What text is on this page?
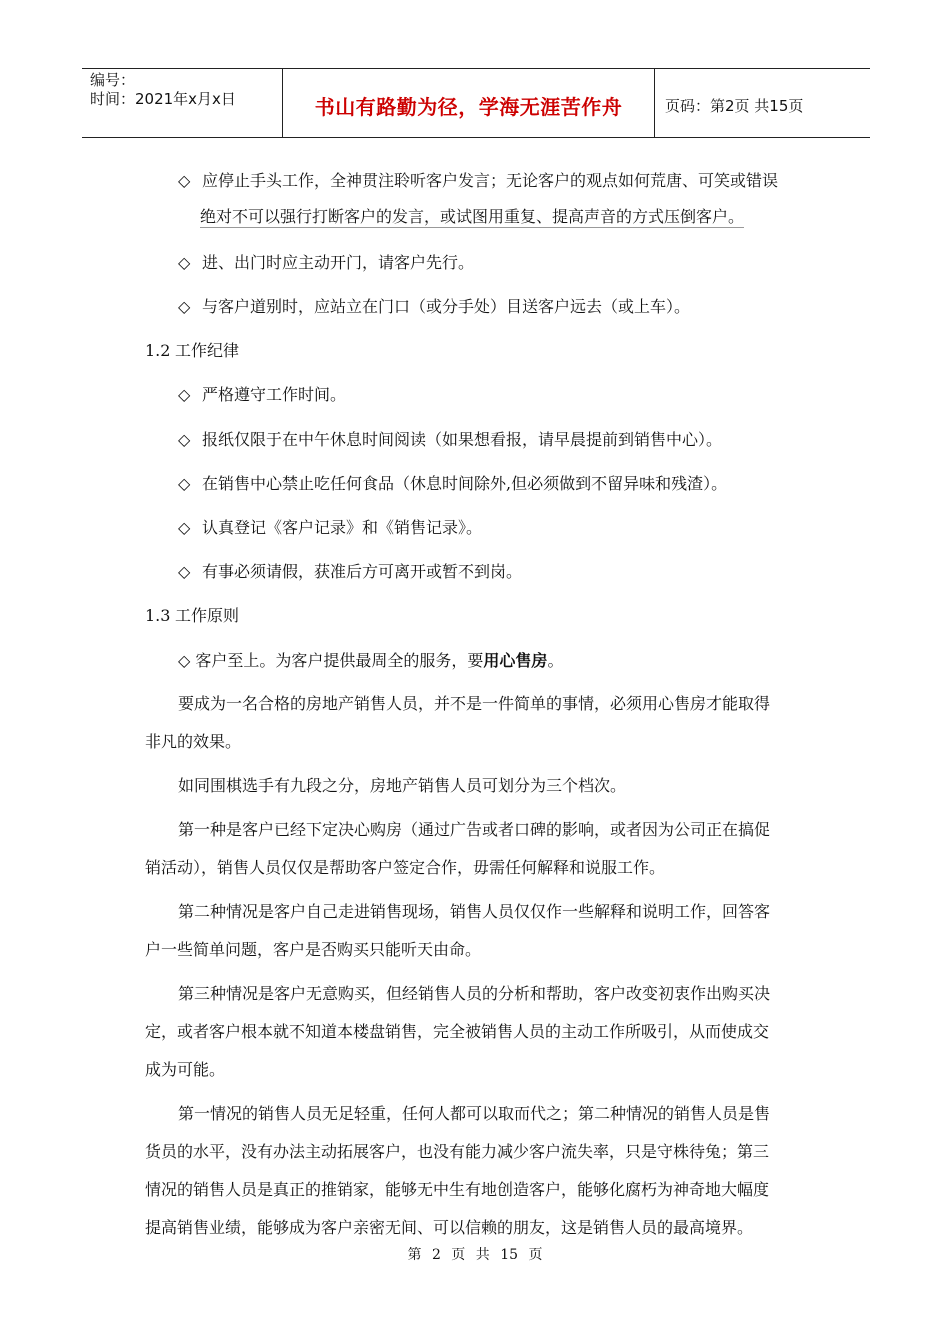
编号：
时间：2021年x月x日	书山有路勤为径，学海无涯苦作舟	页码：第2页 共15页
◇ 应停止手头工作，全神贯注聆听客户发言；无论客户的观点如何荒唐、可笑或错误
绝对不可以强行打断客户的发言，或试图用重复、提高声音的方式压倒客户。
◇ 进、出门时应主动开门，请客户先行。
◇ 与客户道别时，应站立在门口（或分手处）目送客户远去（或上车）。
1.2 工作纪律
◇ 严格遵守工作时间。
◇ 报纸仅限于在中午休息时间阅读（如果想看报，请早晨提前到销售中心）。
◇ 在销售中心禁止吃任何食品（休息时间除外,但必须做到不留异味和残渣）。
◇ 认真登记《客户记录》和《销售记录》。
◇ 有事必须请假，获准后方可离开或暂不到岗。
1.3 工作原则
◇ 客户至上。为客户提供最周全的服务，要用心售房。
要成为一名合格的房地产销售人员，并不是一件简单的事情，必须用心售房才能取得
非凡的效果。
如同围棋选手有九段之分，房地产销售人员可划分为三个档次。
第一种是客户已经下定决心购房（通过广告或者口碑的影响，或者因为公司正在搞促
销活动），销售人员仅仅是帮助客户签定合作，毋需任何解释和说服工作。
第二种情况是客户自己走进销售现场，销售人员仅仅作一些解释和说明工作，回答客
户一些简单问题，客户是否购买只能听天由命。
第三种情况是客户无意购买，但经销售人员的分析和帮助，客户改变初衷作出购买决
定，或者客户根本就不知道本楼盘销售，完全被销售人员的主动工作所吸引，从而使成交
成为可能。
第一情况的销售人员无足轻重，任何人都可以取而代之；第二种情况的销售人员是售
货员的水平，没有办法主动拓展客户，也没有能力减少客户流失率，只是守株待兔；第三
情况的销售人员是真正的推销家，能够无中生有地创造客户，能够化腐朽为神奇地大幅度
提高销售业绩，能够成为客户亲密无间、可以信赖的朋友，这是销售人员的最高境界。
第 2 页 共 15 页
